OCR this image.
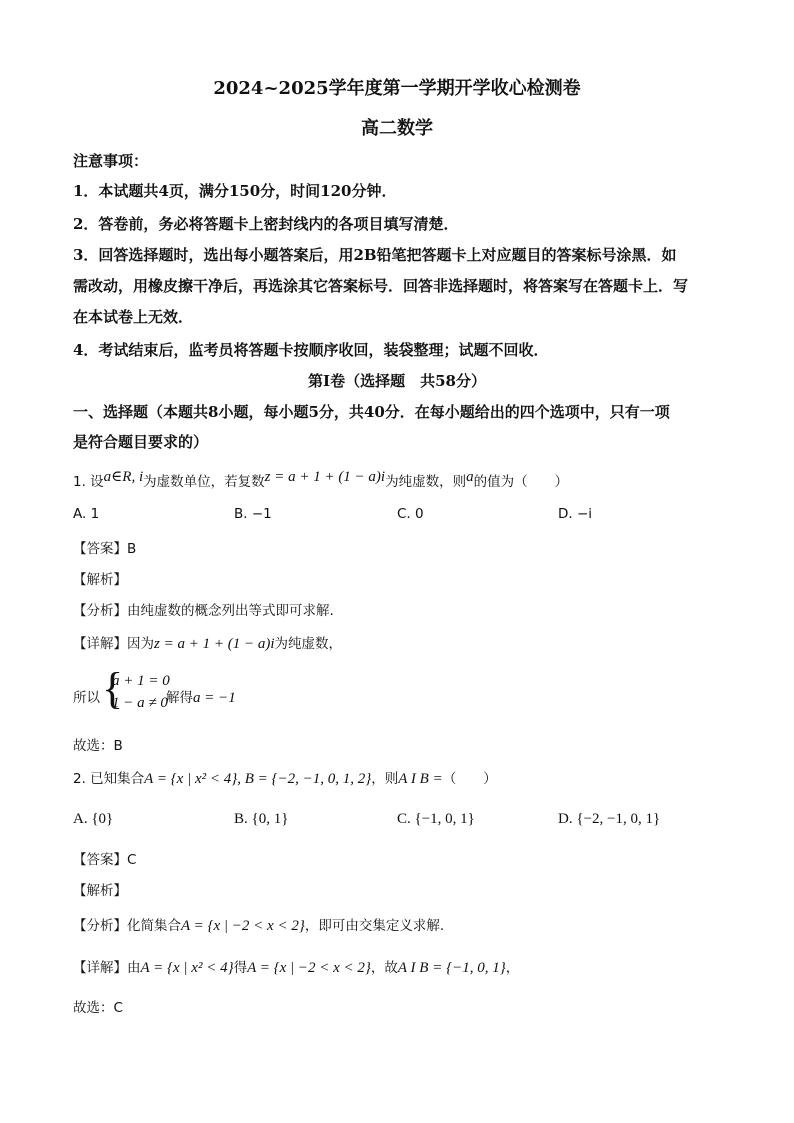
2024~2025学年度第一学期开学收心检测卷
高二数学
注意事项：
1．本试题共4页，满分150分，时间120分钟．
2．答卷前，务必将答题卡上密封线内的各项目填写清楚．
3．回答选择题时，选出每小题答案后，用2B铅笔把答题卡上对应题目的答案标号涂黑．如
需改动，用橡皮擦干净后，再选涂其它答案标号．回答非选择题时，将答案写在答题卡上．写
在本试卷上无效．
4．考试结束后，监考员将答题卡按顺序收回，装袋整理；试题不回收．
第Ⅰ卷（选择题　共58分）
一、选择题（本题共8小题，每小题5分，共40分．在每小题给出的四个选项中，只有一项
是符合题目要求的）
1. 设a∈R, i为虚数单位，若复数z = a + 1 + (1 − a)i为纯虚数，则a的值为（　　）
A. 1	B. −1	C. 0	D. −i
【答案】B
【解析】
【分析】由纯虚数的概念列出等式即可求解.
【详解】因为z = a + 1 + (1 − a)i为纯虚数，
所以 {
a + 1 = 0
1 − a ≠ 0
解得a = −1
故选：B
2. 已知集合A = {x | x² < 4}, B = {−2, −1, 0, 1, 2}，则A I B =（　　）
A. {0}	B. {0, 1}	C. {−1, 0, 1}	D. {−2, −1, 0, 1}
【答案】C
【解析】
【分析】化简集合A = {x | −2 < x < 2}，即可由交集定义求解.
【详解】由A = {x | x² < 4}得A = {x | −2 < x < 2}，故A I B = {−1, 0, 1}，
故选：C
